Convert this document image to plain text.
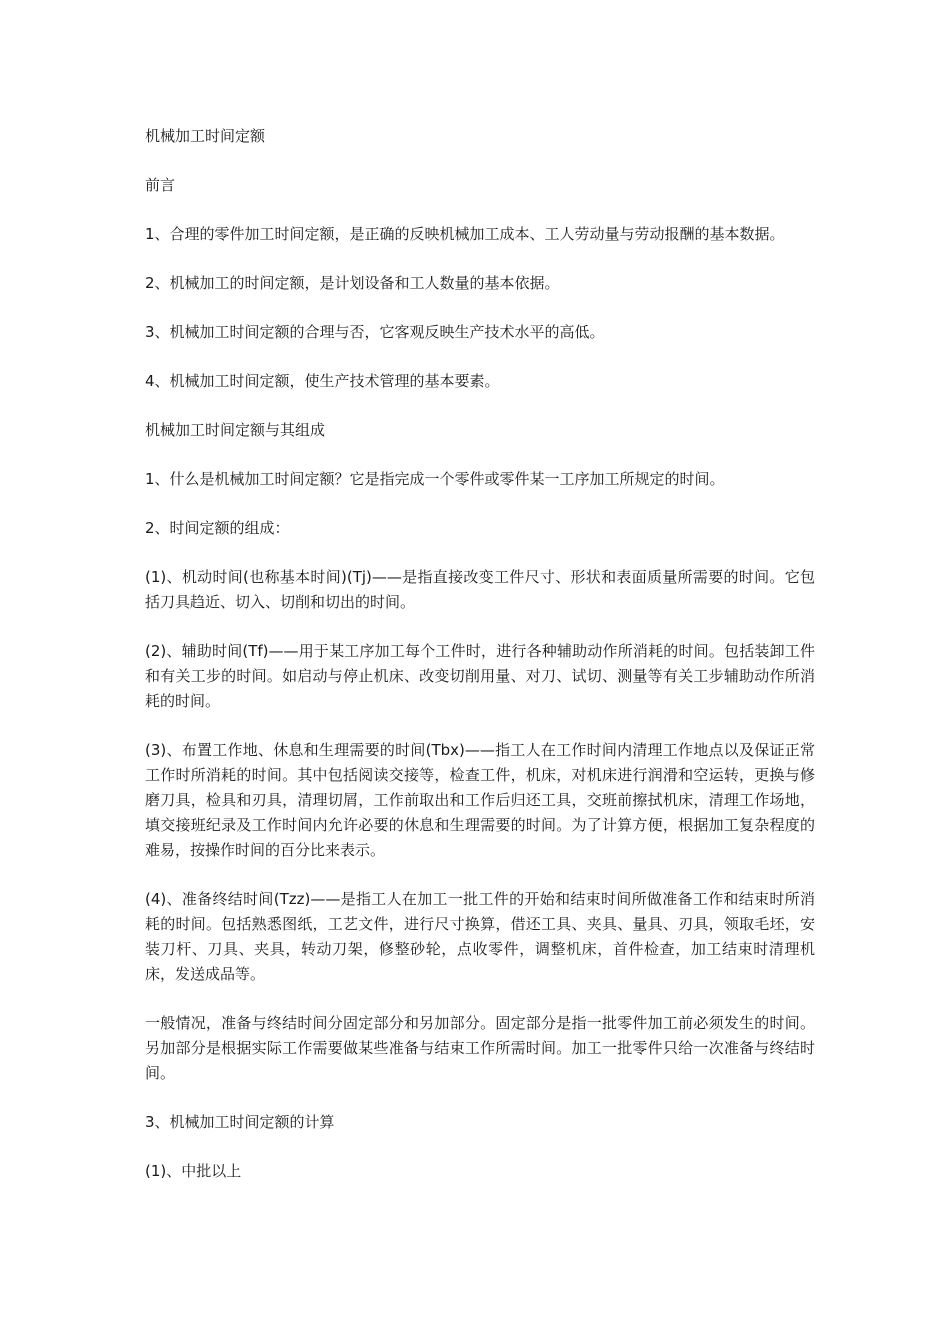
机械加工时间定额

前言

1、合理的零件加工时间定额，是正确的反映机械加工成本、工人劳动量与劳动报酬的基本数据。

2、机械加工的时间定额，是计划设备和工人数量的基本依据。

3、机械加工时间定额的合理与否，它客观反映生产技术水平的高低。

4、机械加工时间定额，使生产技术管理的基本要素。

机械加工时间定额与其组成

1、什么是机械加工时间定额？它是指完成一个零件或零件某一工序加工所规定的时间。

2、时间定额的组成：

(1)、机动时间(也称基本时间)(Tj)——是指直接改变工件尺寸、形状和表面质量所需要的时间。它包括刀具趋近、切入、切削和切出的时间。

(2)、辅助时间(Tf)——用于某工序加工每个工件时，进行各种辅助动作所消耗的时间。包括装卸工件和有关工步的时间。如启动与停止机床、改变切削用量、对刀、试切、测量等有关工步辅助动作所消耗的时间。

(3)、布置工作地、休息和生理需要的时间(Tbx)——指工人在工作时间内清理工作地点以及保证正常工作时所消耗的时间。其中包括阅读交接等，检查工件，机床，对机床进行润滑和空运转，更换与修磨刀具，检具和刃具，清理切屑，工作前取出和工作后归还工具，交班前擦拭机床，清理工作场地，填交接班纪录及工作时间内允许必要的休息和生理需要的时间。为了计算方便，根据加工复杂程度的难易，按操作时间的百分比来表示。

(4)、准备终结时间(Tzz)——是指工人在加工一批工件的开始和结束时间所做准备工作和结束时所消耗的时间。包括熟悉图纸，工艺文件，进行尺寸换算，借还工具、夹具、量具、刃具，领取毛坯，安装刀杆、刀具、夹具，转动刀架，修整砂轮，点收零件，调整机床，首件检查，加工结束时清理机床，发送成品等。

一般情况，准备与终结时间分固定部分和另加部分。固定部分是指一批零件加工前必须发生的时间。另加部分是根据实际工作需要做某些准备与结束工作所需时间。加工一批零件只给一次准备与终结时间。

3、机械加工时间定额的计算

(1)、中批以上
